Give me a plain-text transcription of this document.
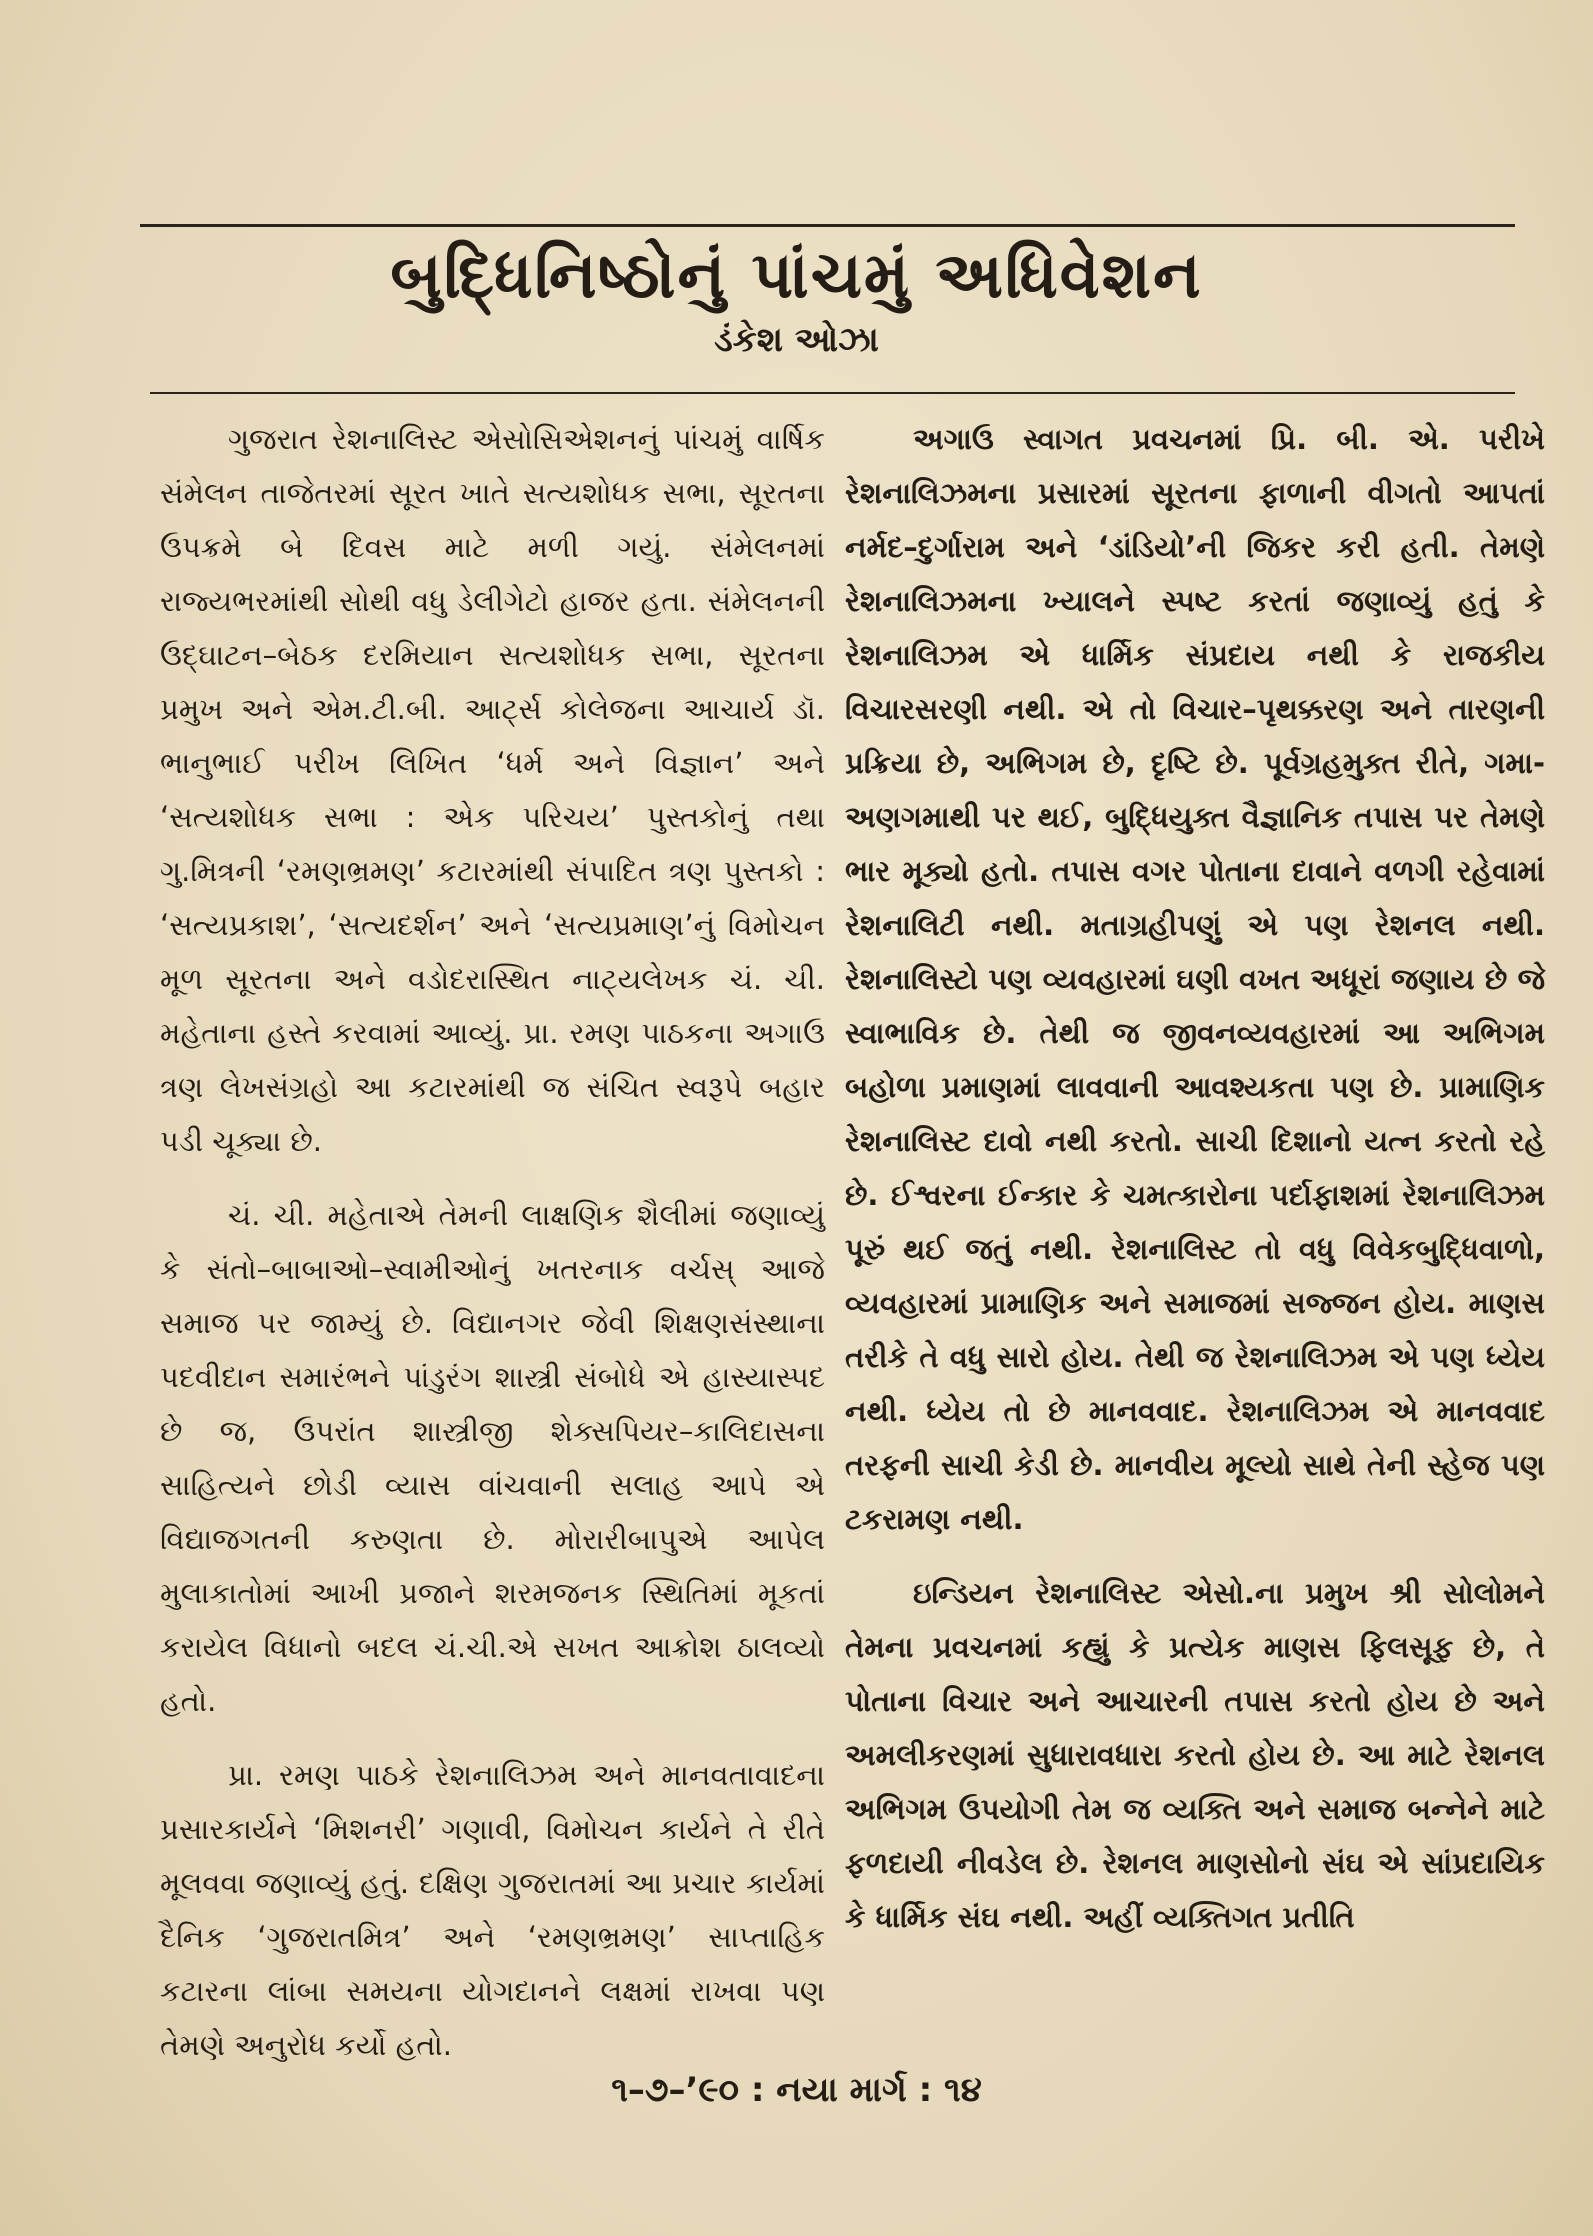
બુદ્ધિનિષ્ઠોનું પાંચમું અધિવેશન
ડંકેશ ઓઝા

ગુજરાત રેશનાલિસ્ટ એસોસિએશનનું પાંચમું વાર્ષિક સંમેલન તાજેતરમાં સૂરત ખાતે સત્યશોધક સભા, સૂરતના ઉપક્રમે બે દિવસ માટે મળી ગયું. સંમેલનમાં રાજ્યભરમાંથી સોથી વધુ ડેલીગેટો હાજર હતા. સંમેલનની ઉદ્‌ઘાટન–બેઠક દરમિયાન સત્યશોધક સભા, સૂરતના પ્રમુખ અને એમ.ટી.બી. આર્ટ્સ કોલેજના આચાર્ય ડૉ. ભાનુભાઈ પરીખ લિખિત ‘ધર્મ અને વિજ્ઞાન’ અને ‘સત્યશોધક સભા : એક પરિચય’ પુસ્તકોનું તથા ગુ.મિત્રની ‘રમણભ્રમણ’ કટારમાંથી સંપાદિત ત્રણ પુસ્તકો : ‘સત્યપ્રકાશ’, ‘સત્યદર્શન’ અને ‘સત્યપ્રમાણ’નું વિમોચન મૂળ સૂરતના અને વડોદરાસ્થિત નાટ્યલેખક ચં. ચી. મહેતાના હસ્તે કરવામાં આવ્યું. પ્રા. રમણ પાઠકના અગાઉ ત્રણ લેખસંગ્રહો આ કટારમાંથી જ સંચિત સ્વરૂપે બહાર પડી ચૂક્યા છે.

ચં. ચી. મહેતાએ તેમની લાક્ષણિક શૈલીમાં જણાવ્યું કે સંતો–બાબાઓ–સ્વામીઓનું ખતરનાક વર્ચસ્ આજે સમાજ પર જામ્યું છે. વિદ્યાનગર જેવી શિક્ષણસંસ્થાના પદવીદાન સમારંભને પાંડુરંગ શાસ્ત્રી સંબોધે એ હાસ્યાસ્પદ છે જ, ઉપરાંત શાસ્ત્રીજી શેક્સપિયર–કાલિદાસના સાહિત્યને છોડી વ્યાસ વાંચવાની સલાહ આપે એ વિદ્યાજગતની કરુણતા છે. મોરારીબાપુએ આપેલ મુલાકાતોમાં આખી પ્રજાને શરમજનક સ્થિતિમાં મૂકતાં કરાયેલ વિધાનો બદલ ચં.ચી.એ સખત આક્રોશ ઠાલવ્યો હતો.

પ્રા. રમણ પાઠકે રેશનાલિઝમ અને માનવતાવાદના પ્રસારકાર્યને ‘મિશનરી’ ગણાવી, વિમોચન કાર્યને તે રીતે મૂલવવા જણાવ્યું હતું. દક્ષિણ ગુજરાતમાં આ પ્રચાર કાર્યમાં દૈનિક ‘ગુજરાતમિત્ર’ અને ‘રમણભ્રમણ’ સાપ્તાહિક કટારના લાંબા સમયના યોગદાનને લક્ષમાં રાખવા પણ તેમણે અનુરોધ કર્યો હતો.

અગાઉ સ્વાગત પ્રવચનમાં પ્રિ. બી. એ. પરીખે રેશનાલિઝમના પ્રસારમાં સૂરતના ફાળાની વીગતો આપતાં નર્મદ–દુર્ગારામ અને ‘ડાંડિયો’ની જિકર કરી હતી. તેમણે રેશનાલિઝમના ખ્યાલને સ્પષ્ટ કરતાં જણાવ્યું હતું કે રેશનાલિઝમ એ ધાર્મિક સંપ્રદાય નથી કે રાજકીય વિચારસરણી નથી. એ તો વિચાર–પૃથક્કરણ અને તારણની પ્રક્રિયા છે, અભિગમ છે, દૃષ્ટિ છે. પૂર્વગ્રહમુક્ત રીતે, ગમા-અણગમાથી પર થઈ, બુદ્ધિયુક્ત વૈજ્ઞાનિક તપાસ પર તેમણે ભાર મૂક્યો હતો. તપાસ વગર પોતાના દાવાને વળગી રહેવામાં રેશનાલિટી નથી. મતાગ્રહીપણું એ પણ રેશનલ નથી. રેશનાલિસ્ટો પણ વ્યવહારમાં ઘણી વખત અધૂરાં જણાય છે જે સ્વાભાવિક છે. તેથી જ જીવનવ્યવહારમાં આ અભિગમ બહોળા પ્રમાણમાં લાવવાની આવશ્યકતા પણ છે. પ્રામાણિક રેશનાલિસ્ટ દાવો નથી કરતો. સાચી દિશાનો યત્ન કરતો રહે છે. ઈશ્વરના ઈન્કાર કે ચમત્કારોના પર્દાફાશમાં રેશનાલિઝમ પૂરું થઈ જતું નથી. રેશનાલિસ્ટ તો વધુ વિવેકબુદ્ધિવાળો, વ્યવહારમાં પ્રામાણિક અને સમાજમાં સજ્જન હોય. માણસ તરીકે તે વધુ સારો હોય. તેથી જ રેશનાલિઝમ એ પણ ધ્યેય નથી. ધ્યેય તો છે માનવવાદ. રેશનાલિઝમ એ માનવવાદ તરફની સાચી કેડી છે. માનવીય મૂલ્યો સાથે તેની સ્હેજ પણ ટકરામણ નથી.

ઇન્ડિયન રેશનાલિસ્ટ એસો.ના પ્રમુખ શ્રી સોલોમને તેમના પ્રવચનમાં કહ્યું કે પ્રત્યેક માણસ ફિલસૂફ છે, તે પોતાના વિચાર અને આચારની તપાસ કરતો હોય છે અને અમલીકરણમાં સુધારાવધારા કરતો હોય છે. આ માટે રેશનલ અભિગમ ઉપયોગી તેમ જ વ્યક્તિ અને સમાજ બન્નેને માટે ફળદાયી નીવડેલ છે. રેશનલ માણસોનો સંઘ એ સાંપ્રદાયિક કે ધાર્મિક સંઘ નથી. અહીં વ્યક્તિગત પ્રતીતિ

૧–૭–’૯૦ : નયા માર્ગ : ૧૪
